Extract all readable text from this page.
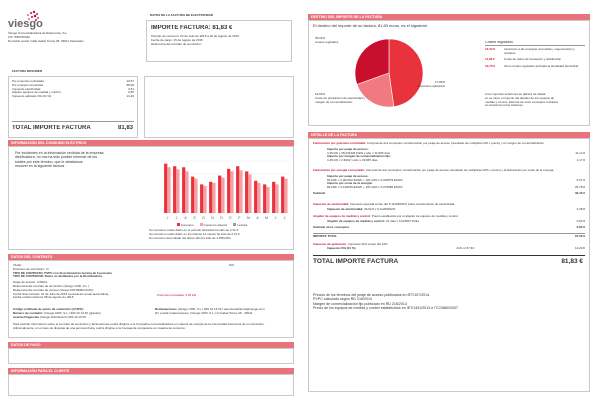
viesgo
Viesgo Comercializadora de Referencia, S.L.
CIF: B39760439
Domicilio social: Calle Isabel Torres 25. 39011 Santander
DATOS DE LA FACTURA DE ELECTRICIDAD
IMPORTE FACTURA: 81,83 €
Periodo de consumo: 02 de Julio de 2015 a 02 de Agosto de 2015
Fecha de cargo: 15 de Agosto de 2015
Referencia del contrato de suministro:
FACTURA RESUMEN
Por potencia contratada	10,57
Por energía consumida	58,06
Impuesto electricidad	3,51
Alquiler equipos de medida y control	0,80
Impuesto aplicado IVA (21 %)	14,20
TOTAL IMPORTE FACTURA	81,83
INFORMACIÓN DEL CONSUMO ELÉCTRICO
Por incidentes en la información recibida de la empresa
distribuidora, no nos ha sido posible informar de los
totales por este término, que le detallamos
resolver en la siguiente factura.
J J A S O N D E F M A M J J
Consumo	Consumo anterior	Lectura
Su consumo medio diario en el periodo facturado ha sido de 2,31 €
Su consumo medio diario en los últimos 14 meses ha sido de 2,41 €
Su consumo acumulado del último año ha sido de 1.458 kWh
DATOS DEL CONTRATO
Titular:
Dirección de suministro: C/
TIPO DE CONTRATO: PVPC con discriminación horaria de 2 periodos
TIPO DE CONTADOR: Datos no facilitados por la Distribuidora.
Peaje de acceso: 2.0DHA
Referencia del contrato de suministro (Viesgo CRR, S.L.):
Referencia del contrato de acceso (Viesgo DISTRIBUCIÓN):
Fecha final contrato: 01 de Julio de 2016 (renovación anual automática)
Fecha emisión factura: 08 de Agosto de 2015
NIF:
Potencia contratada: 3,45 kW
Código unificado de punto de suministro (CUPS):
Número de contador: (Viesgo CRR, S.L.) 900 10 14 60 (gratuito)
Reclamaciones (Viesgo CRR, S.L.) 900 10 14 60 / atencionalcliente@viesgo.com
Averías/Urgencias (Viesgo Distribución) 900 10 10 05
Dir. postal reclamaciones: (Viesgo CRR, S.L.) C/ Isabel Torres 25 - 39011
Para solicitar información sobre el contrato de suministro y facturaciones podrá dirigirse a la Compañía comercializadora en materia de energía de la Comunidad Autónoma de su suministro.
Adicionalmente, en el caso de disputas de una persona física, podrá dirigirse a la Consejería competente en materia de consumo.
DATOS DE PAGO
INFORMACIÓN PARA EL CLIENTE
DESTINO DEL IMPORTE DE LA FACTURA
El destino del importe de su factura, 81,83 euros, es el siguiente:
39,06 €
Costes regulados
17,88 €
Impuestos aplicados
24,89 €
Coste de producción de electricidad y margen de comercialización
Costes regulados
12,34 €	Incentivos a las energías renovables, cogeneración y residuos
11,96 €	Coste de redes de transporte y distribución
10,76 €	Otros costes regulados (incluida la anualidad del déficit)
A los importes anteriores se deberá de añadir,
en su caso, el importe del alquiler de los equipos de
medida y control, además de otros conceptos incluidos
en la factura (si los hubiese).
DETALLE DE LA FACTURA
Facturación por potencia contratada: Comprende dos conceptos: la facturación por peaje de acceso (resultado de multiplicar kW x precio) y el margen de comercialización.
Importe por peaje de acceso:
3,45 kW x 38,043426 €/kW y año x 31/365 días	11,14 €
Importe por margen de comercialización fijo:
3,45 kW x 4 €/kW y año x 31/365 días	1,17 €
Facturación por energía consumida: Comprende dos conceptos: la facturación por peaje de acceso (resultado de multiplicar kWh x precio) y la facturación por coste de la energía.
Importe por peaje de acceso:
83 kWh x 0,062012 €/kWh + 181 kWh x 0,002879 €/kWh	5,67 €
Importe por coste de la energía:
83 kWh x 0,148159 €/kWh + 181 kWh x 0,079986 €/kWh	26,78 €
Subtotal	32,45 €
Impuesto de electricidad: Impuesto especial al tipo del 5,11269632% sobre la facturación de electricidad.
Impuesto de electricidad: 46,62 € x 5,11269632%	2,38 €
Alquiler de equipos de medida y control: Precio establecido por el alquiler de equipos de medida y control.
Alquiler de equipos de medida y control: 31 días x 0,026667 €/día	0,80 €
Subtotal otros conceptos	0,80 €
IMPORTE TOTAL	67,63 €
Impuesto de aplicación: Impuesto 21% al tipo del 21%
Impuesto IVA (21 %)	21% s/ 67,63	14,20 €
TOTAL IMPORTE FACTURA	81,83 €
Precios de los términos del peaje de acceso publicados en IET/107/2014.
PVPC calculado según RD 216/2014
Margen de comercialización fijo publicado en RD 216/2014
Precio de los equipos de medida y control establecidos en IET/1491/2013 e ITC/3860/2007
